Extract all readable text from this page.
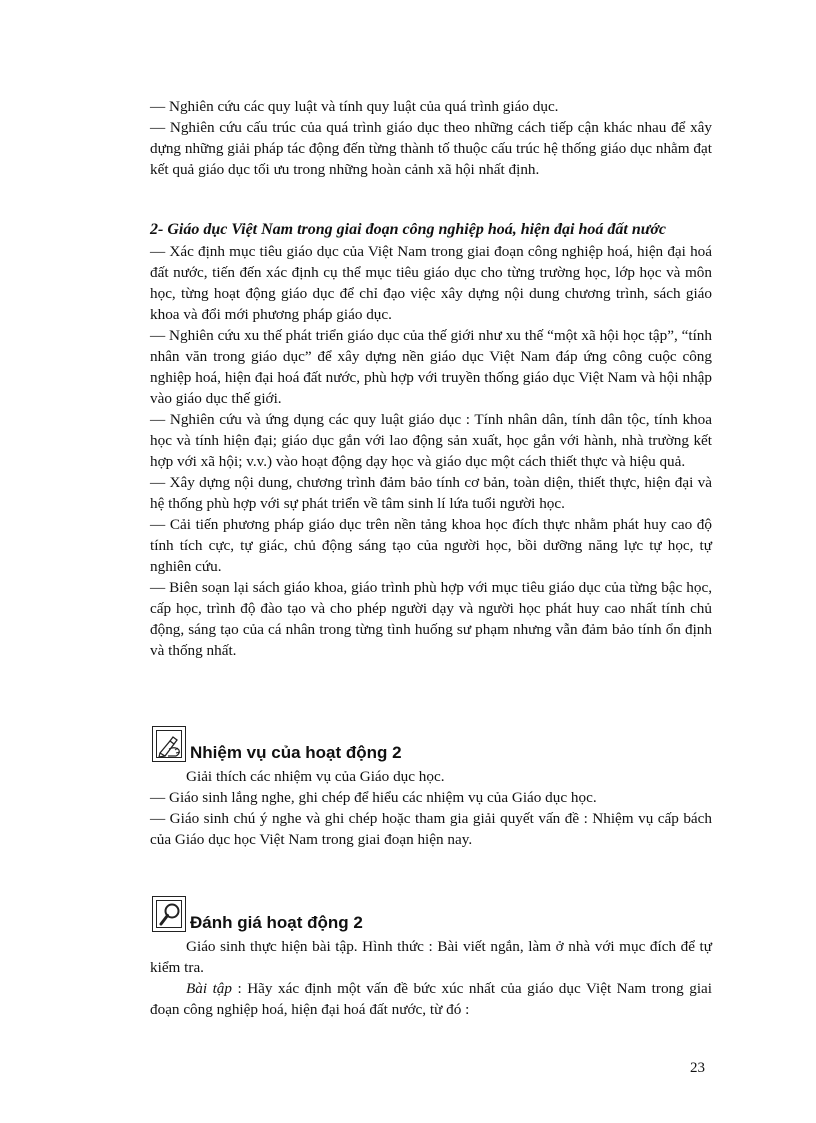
— Nghiên cứu các quy luật và tính quy luật của quá trình giáo dục.

— Nghiên cứu cấu trúc của quá trình giáo dục theo những cách tiếp cận khác nhau để xây dựng những giải pháp tác động đến từng thành tố thuộc cấu trúc hệ thống giáo dục nhằm đạt kết quả giáo dục tối ưu trong những hoàn cảnh xã hội nhất định.

2- Giáo dục Việt Nam trong giai đoạn công nghiệp hoá, hiện đại hoá đất nước

— Xác định mục tiêu giáo dục của Việt Nam trong giai đoạn công nghiệp hoá, hiện đại hoá đất nước, tiến đến xác định cụ thể mục tiêu giáo dục cho từng trường học, lớp học và môn học, từng hoạt động giáo dục để chỉ đạo việc xây dựng nội dung chương trình, sách giáo khoa và đổi mới phương pháp giáo dục.

— Nghiên cứu xu thế phát triển giáo dục của thế giới như xu thế “một xã hội học tập”, “tính nhân văn trong giáo dục” để xây dựng nền giáo dục Việt Nam đáp ứng công cuộc công nghiệp hoá, hiện đại hoá đất nước, phù hợp với truyền thống giáo dục Việt Nam và hội nhập vào giáo dục thế giới.

— Nghiên cứu và ứng dụng các quy luật giáo dục : Tính nhân dân, tính dân tộc, tính khoa học và tính hiện đại; giáo dục gắn với lao động sản xuất, học gắn với hành, nhà trường kết hợp với xã hội; v.v.) vào hoạt động dạy học và giáo dục một cách thiết thực và hiệu quả.

— Xây dựng nội dung, chương trình đảm bảo tính cơ bản, toàn diện, thiết thực, hiện đại và hệ thống phù hợp với sự phát triển về tâm sinh lí lứa tuổi người học.

— Cải tiến phương pháp giáo dục trên nền tảng khoa học đích thực nhằm phát huy cao độ tính tích cực, tự giác, chủ động sáng tạo của người học, bồi dưỡng năng lực tự học, tự nghiên cứu.

— Biên soạn lại sách giáo khoa, giáo trình phù hợp với mục tiêu giáo dục của từng bậc học, cấp học, trình độ đào tạo và cho phép người dạy và người học phát huy cao nhất tính chủ động, sáng tạo của cá nhân trong từng tình huống sư phạm nhưng vẫn đảm bảo tính ổn định và thống nhất.

Nhiệm vụ của hoạt động 2

Giải thích các nhiệm vụ của Giáo dục học.

— Giáo sinh lắng nghe, ghi chép để hiểu các nhiệm vụ của Giáo dục học.

— Giáo sinh chú ý nghe và ghi chép hoặc tham gia giải quyết vấn đề : Nhiệm vụ cấp bách của Giáo dục học Việt Nam trong giai đoạn hiện nay.

Đánh giá hoạt động 2

Giáo sinh thực hiện bài tập. Hình thức : Bài viết ngắn, làm ở nhà với mục đích để tự kiểm tra.

Bài tập : Hãy xác định một vấn đề bức xúc nhất của giáo dục Việt Nam trong giai đoạn công nghiệp hoá, hiện đại hoá đất nước, từ đó :

23
